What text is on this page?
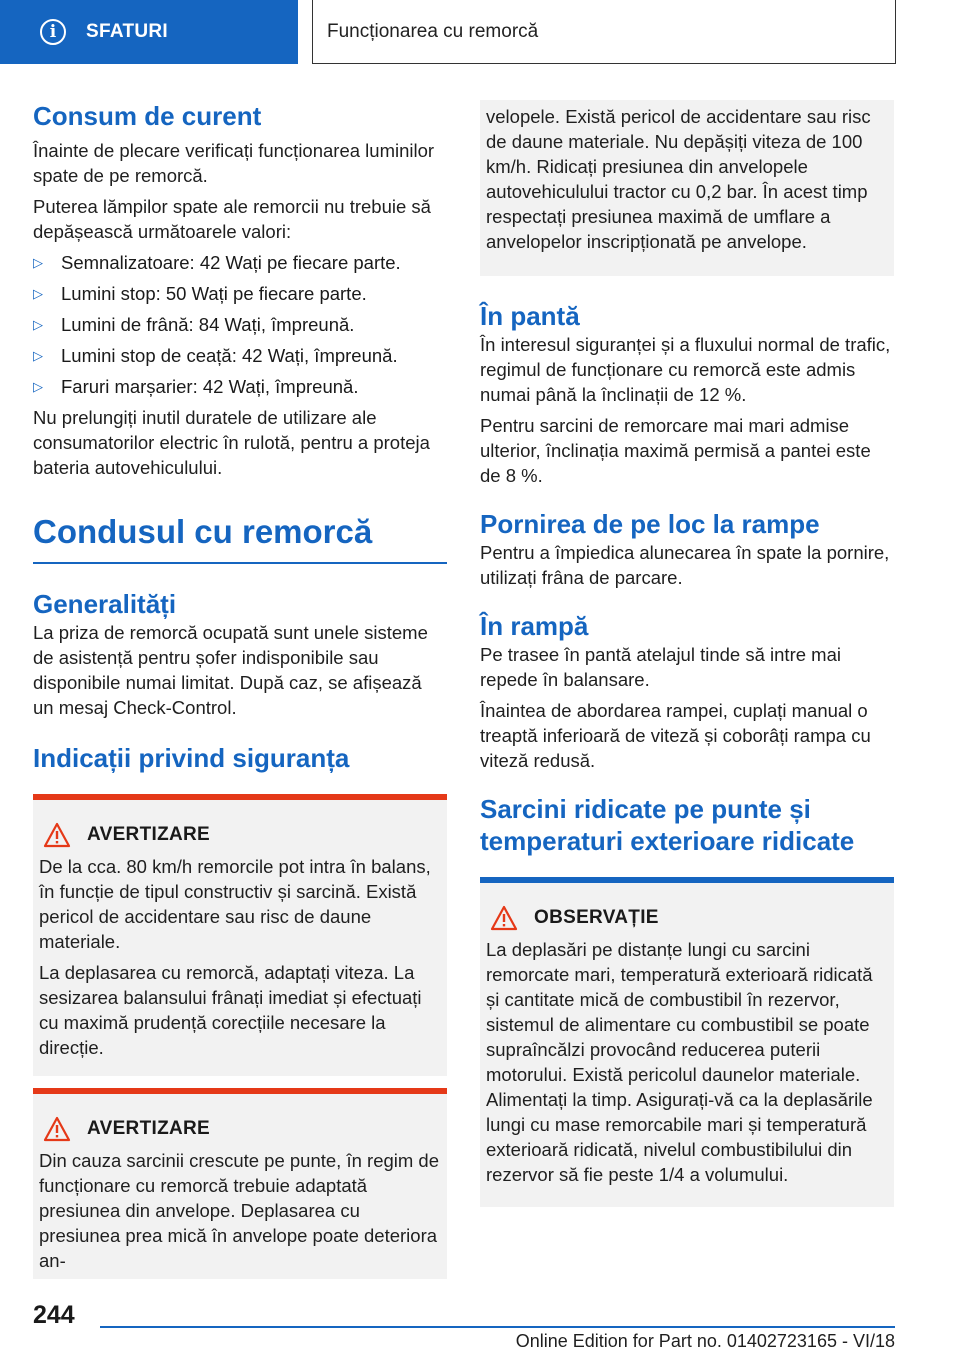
i	SFATURI	Funcționarea cu remorcă
Consum de curent

Înainte de plecare verificați funcționarea luminilor spate de pe remorcă.

Puterea lămpilor spate ale remorcii nu trebuie să depășească următoarele valori:

▷ Semnalizatoare: 42 Wați pe fiecare parte.
▷ Lumini stop: 50 Wați pe fiecare parte.
▷ Lumini de frână: 84 Wați, împreună.
▷ Lumini stop de ceață: 42 Wați, împreună.
▷ Faruri marșarier: 42 Wați, împreună.

Nu prelungiți inutil duratele de utilizare ale consumatorilor electric în rulotă, pentru a proteja bateria autovehiculului.

Condusul cu remorcă
Generalități

La priza de remorcă ocupată sunt unele sisteme de asistență pentru șofer indisponibile sau disponibile numai limitat. După caz, se afișează un mesaj Check-Control.

Indicații privind siguranța
AVERTIZARE

De la cca. 80 km/h remorcile pot intra în balans, în funcție de tipul constructiv și sarcină. Există pericol de accidentare sau risc de daune materiale.

La deplasarea cu remorcă, adaptați viteza. La sesizarea balansului frânați imediat și efectuați cu maximă prudență corecțiile necesare la direcție.

AVERTIZARE

Din cauza sarcinii crescute pe punte, în regim de funcționare cu remorcă trebuie adaptată presiunea din anvelope. Deplasarea cu presiunea prea mică în anvelope poate deteriora an-

velopele. Există pericol de accidentare sau risc de daune materiale. Nu depășiți viteza de 100 km/h. Ridicați presiunea din anvelopele autovehiculului tractor cu 0,2 bar. În acest timp respectați presiunea maximă de umflare a anvelopelor inscripționată pe anvelope.

În pantă

În interesul siguranței și a fluxului normal de trafic, regimul de funcționare cu remorcă este admis numai până la înclinații de 12 %.

Pentru sarcini de remorcare mai mari admise ulterior, înclinația maximă permisă a pantei este de 8 %.

Pornirea de pe loc la rampe

Pentru a împiedica alunecarea în spate la pornire, utilizați frâna de parcare.

În rampă

Pe trasee în pantă atelajul tinde să intre mai repede în balansare.

Înaintea de abordarea rampei, cuplați manual o treaptă inferioară de viteză și coborâți rampa cu viteză redusă.

Sarcini ridicate pe punte și temperaturi exterioare ridicate
OBSERVAȚIE

La deplasări pe distanțe lungi cu sarcini remorcate mari, temperatură exterioară ridicată și cantitate mică de combustibil în rezervor, sistemul de alimentare cu combustibil se poate supraîncălzi provocând reducerea puterii motorului. Există pericolul daunelor materiale. Alimentați la timp. Asigurați-vă ca la deplasările lungi cu mase remorcabile mari și temperatură exterioară ridicată, nivelul combustibilului din rezervor să fie peste 1/4 a volumului.

244
Online Edition for Part no. 01402723165 - VI/18
